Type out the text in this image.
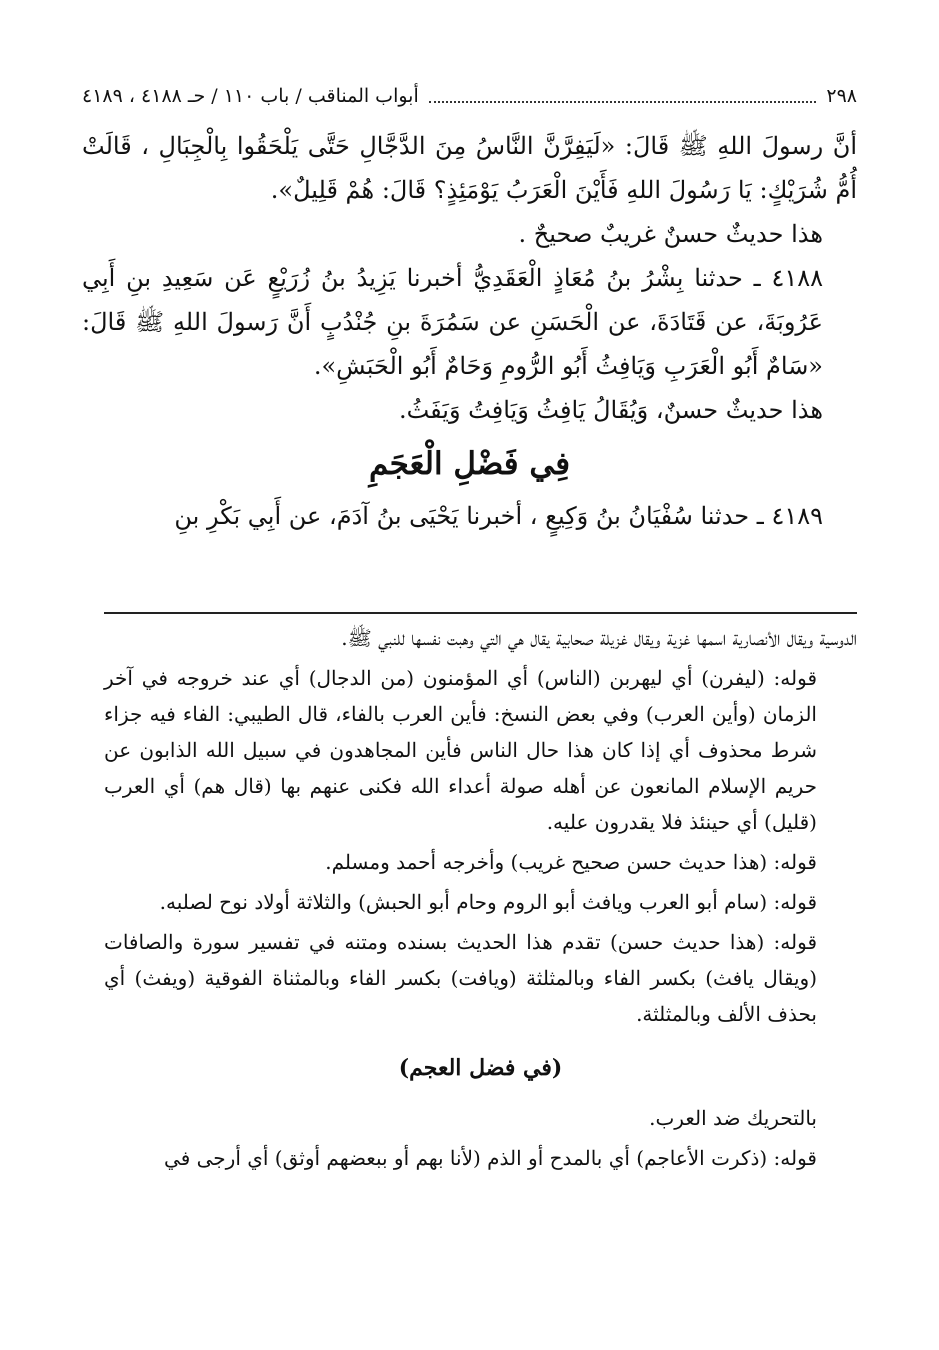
٢٩٨
أبواب المناقب / باب ١١٠ / حـ ٤١٨٨ ، ٤١٨٩

أنَّ رسولَ اللهِ ﷺ قَالَ: «لَيَفِرَّنَّ النَّاسُ مِنَ الدَّجَّالِ حَتَّى يَلْحَقُوا بِالْجِبَالِ ، قَالَتْ أُمُّ شُرَيْكٍ: يَا رَسُولَ اللهِ فَأَيْنَ الْعَرَبُ يَوْمَئِذٍ؟ قَالَ: هُمْ قَلِيلٌ».

هذا حديثٌ حسنٌ غريبٌ صحيحٌ .

٤١٨٨ ـ حدثنا بِشْرُ بنُ مُعَاذٍ الْعَقَدِيُّ أخبرنا يَزِيدُ بنُ زُرَيْعٍ عَن سَعِيدِ بنِ أَبِي عَرُوبَةَ، عن قَتَادَةَ، عن الْحَسَنِ عن سَمُرَةَ بنِ جُنْدُبٍ أَنَّ رَسولَ اللهِ ﷺ قَالَ: «سَامٌ أَبُو الْعَرَبِ وَيَافِثُ أَبُو الرُّومِ وَحَامٌ أَبُو الْحَبَشِ».

هذا حديثٌ حسنٌ، وَيُقَالُ يَافِثُ وَيَافِتُ وَيَفَثُ.

فِي فَضْلِ الْعَجَمِ

٤١٨٩ ـ حدثنا سُفْيَانُ بنُ وَكِيعٍ ، أخبرنا يَحْيَى بنُ آدَمَ، عن أَبِي بَكْرِ بنِ

الدوسية ويقال الأنصارية اسمها غزية ويقال غزيلة صحابية يقال هي التي وهبت نفسها للنبي ﷺ.

قوله: (ليفرن) أي ليهربن (الناس) أي المؤمنون (من الدجال) أي عند خروجه في آخر الزمان (وأين العرب) وفي بعض النسخ: فأين العرب بالفاء، قال الطيبي: الفاء فيه جزاء شرط محذوف أي إذا كان هذا حال الناس فأين المجاهدون في سبيل الله الذابون عن حريم الإسلام المانعون عن أهله صولة أعداء الله فكنى عنهم بها (قال هم) أي العرب (قليل) أي حينئذ فلا يقدرون عليه.

قوله: (هذا حديث حسن صحيح غريب) وأخرجه أحمد ومسلم.

قوله: (سام أبو العرب ويافث أبو الروم وحام أبو الحبش) والثلاثة أولاد نوح لصلبه.

قوله: (هذا حديث حسن) تقدم هذا الحديث بسنده ومتنه في تفسير سورة والصافات (ويقال يافث) بكسر الفاء وبالمثلثة (ويافت) بكسر الفاء وبالمثناة الفوقية (ويفث) أي بحذف الألف وبالمثلثة.

(في فضل العجم)

بالتحريك ضد العرب.

قوله: (ذكرت الأعاجم) أي بالمدح أو الذم (لأنا بهم أو ببعضهم أوثق) أي أرجى في
